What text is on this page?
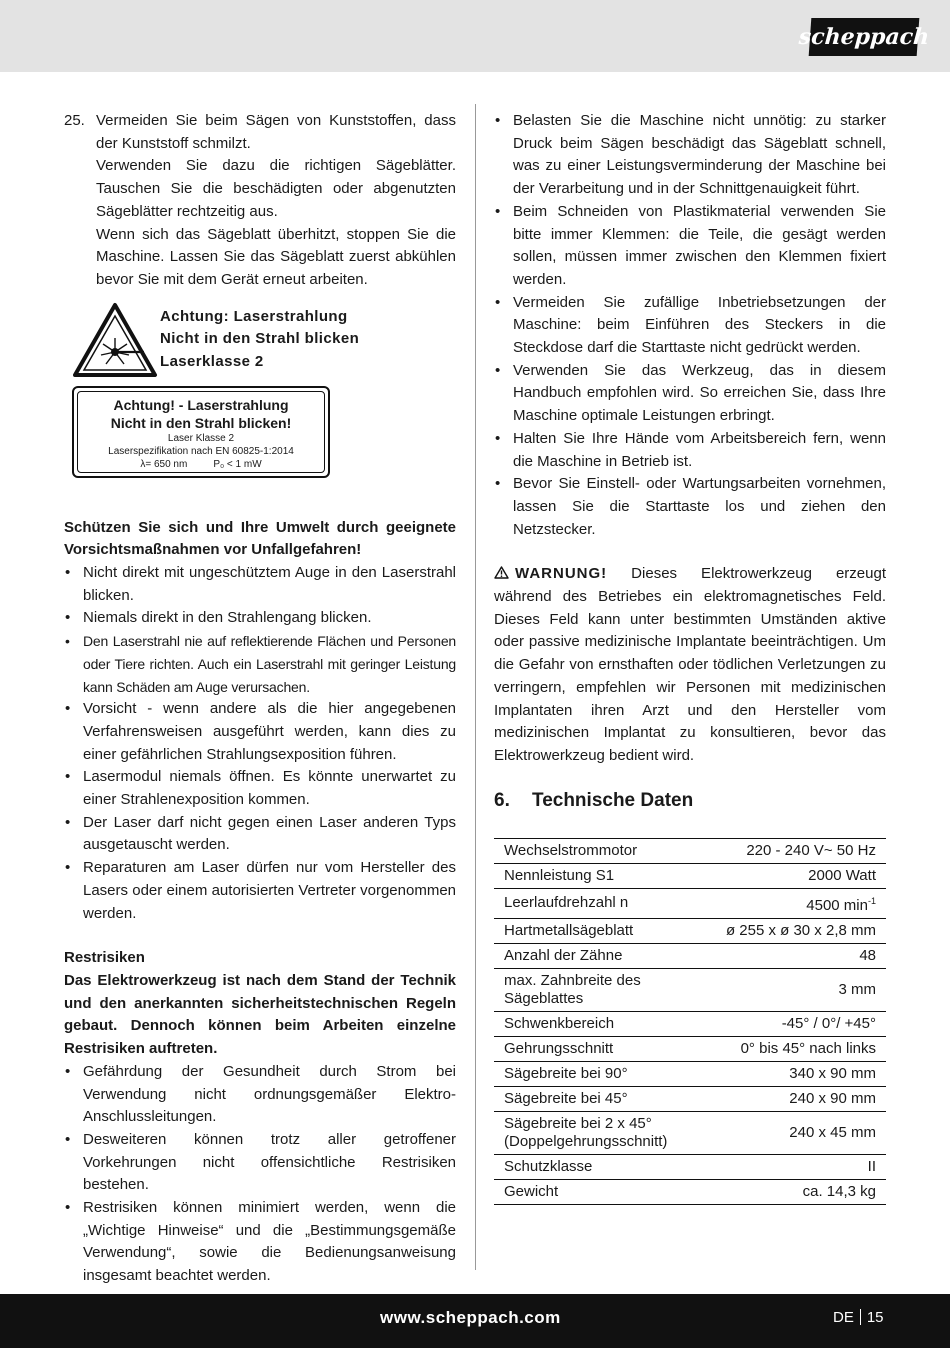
scheppach
25. Vermeiden Sie beim Sägen von Kunststoffen, dass der Kunststoff schmilzt.

Verwenden Sie dazu die richtigen Sägeblätter. Tauschen Sie die beschädigten oder abgenutzten Sägeblätter rechtzeitig aus.

Wenn sich das Sägeblatt überhitzt, stoppen Sie die Maschine. Lassen Sie das Sägeblatt zuerst abkühlen bevor Sie mit dem Gerät erneut arbeiten.

Achtung: Laserstrahlung
Nicht in den Strahl blicken
Laserklasse 2
Achtung! - Laserstrahlung
Nicht in den Strahl blicken!
Laser Klasse 2
Laserspezifikation nach EN 60825-1:2014
λ= 650 nm	P₀ < 1 mW

Schützen Sie sich und Ihre Umwelt durch geeignete Vorsichtsmaßnahmen vor Unfallgefahren!

• Nicht direkt mit ungeschütztem Auge in den Laserstrahl blicken.
• Niemals direkt in den Strahlengang blicken.
• Den Laserstrahl nie auf reflektierende Flächen und Personen oder Tiere richten. Auch ein Laserstrahl mit geringer Leistung kann Schäden am Auge verursachen.
• Vorsicht - wenn andere als die hier angegebenen Verfahrensweisen ausgeführt werden, kann dies zu einer gefährlichen Strahlungsexposition führen.
• Lasermodul niemals öffnen. Es könnte unerwartet zu einer Strahlenexposition kommen.
• Der Laser darf nicht gegen einen Laser anderen Typs ausgetauscht werden.
• Reparaturen am Laser dürfen nur vom Hersteller des Lasers oder einem autorisierten Vertreter vorgenommen werden.

Restrisiken

Das Elektrowerkzeug ist nach dem Stand der Technik und den anerkannten sicherheitstechnischen Regeln gebaut. Dennoch können beim Arbeiten einzelne Restrisiken auftreten.

• Gefährdung der Gesundheit durch Strom bei Verwendung nicht ordnungsgemäßer Elektro-Anschlussleitungen.
• Desweiteren können trotz aller getroffener Vorkehrungen nicht offensichtliche Restrisiken bestehen.
• Restrisiken können minimiert werden, wenn die „Wichtige Hinweise“ und die „Bestimmungsgemäße Verwendung“, sowie die Bedienungsanweisung insgesamt beachtet werden.
• Belasten Sie die Maschine nicht unnötig: zu starker Druck beim Sägen beschädigt das Sägeblatt schnell, was zu einer Leistungsverminderung der Maschine bei der Verarbeitung und in der Schnittgenauigkeit führt.
• Beim Schneiden von Plastikmaterial verwenden Sie bitte immer Klemmen: die Teile, die gesägt werden sollen, müssen immer zwischen den Klemmen fixiert werden.
• Vermeiden Sie zufällige Inbetriebsetzungen der Maschine: beim Einführen des Steckers in die Steckdose darf die Starttaste nicht gedrückt werden.
• Verwenden Sie das Werkzeug, das in diesem Handbuch empfohlen wird. So erreichen Sie, dass Ihre Maschine optimale Leistungen erbringt.
• Halten Sie Ihre Hände vom Arbeitsbereich fern, wenn die Maschine in Betrieb ist.
• Bevor Sie Einstell- oder Wartungsarbeiten vornehmen, lassen Sie die Starttaste los und ziehen den Netzstecker.

WARNUNG! Dieses Elektrowerkzeug erzeugt während des Betriebes ein elektromagnetisches Feld. Dieses Feld kann unter bestimmten Umständen aktive oder passive medizinische Implantate beeinträchtigen. Um die Gefahr von ernsthaften oder tödlichen Verletzungen zu verringern, empfehlen wir Personen mit medizinischen Implantaten ihren Arzt und den Hersteller vom medizinischen Implantat zu konsultieren, bevor das Elektrowerkzeug bedient wird.

6. Technische Daten
Wechselstrommotor	220 - 240 V~ 50 Hz
Nennleistung S1	2000 Watt
Leerlaufdrehzahl n	4500 $\min^{-1}$
Hartmetallsägeblatt	ø 255 x ø 30 x 2,8 mm
Anzahl der Zähne	48
max. Zahnbreite des Sägeblattes	3 mm
Schwenkbereich	-45° / 0°/ +45°
Gehrungsschnitt	0° bis 45° nach links
Sägebreite bei 90°	340 x 90 mm
Sägebreite bei 45°	240 x 90 mm
Sägebreite bei 2 x 45° (Doppelgehrungsschnitt)	240 x 45 mm
Schutzklasse	II
Gewicht	ca. 14,3 kg
www.scheppach.com	DE 15
